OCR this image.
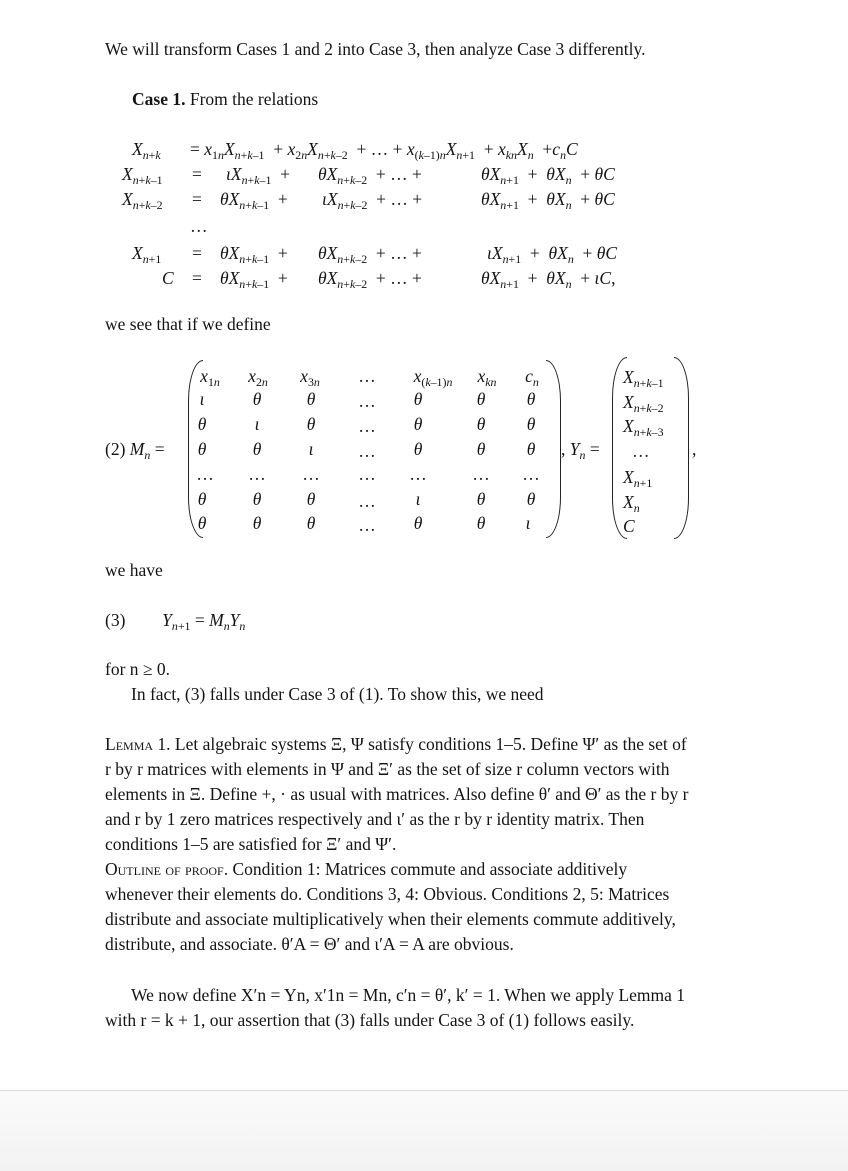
We will transform Cases 1 and 2 into Case 3, then analyze Case 3 differently.
Case 1. From the relations
$X_{n+k} = x_{1n}X_{n+k-1} + x_{2n}X_{n+k-2}$  + … + $x_{(k-1)n}X_{n+1} + x_{kn}X_n +c_nC$
$X_{n+k-1} = \iota X_{n+k-1} + \theta X_{n+k-2}$  + … +	$\theta X_{n+1} + \theta X_n + \theta C$
$X_{n+k-2} = \theta X_{n+k-1} + \iota X_{n+k-2}$  + … +	$\theta X_{n+1} + \theta X_n + \theta C$
…
$X_{n+1} = \theta X_{n+k-1} + \theta X_{n+k-2}$  + … +	$\iota X_{n+1} + \theta X_n + \theta C$
$C = \theta X_{n+k-1} + \theta X_{n+k-2}$  + … +	$\theta X_{n+1} + \theta X_n + \iota C$,
we see that if we define
(2) $M_n$ =
$x_{1n}$ $x_{2n}$ $x_{3n}$ … $x_{(k-1)n}$ $x_{kn}$ $c_n$
ι	θ	θ … θ	θ θ
θ	ι	θ … θ	θ θ
θ	θ	ι	… θ	θ θ
… … … … …	… …
θ	θ	θ … ι	θ θ
θ	θ	θ … θ	θ ι
, $Y_n$ =
$X_{n+k-1}$
$X_{n+k-2}$
$X_{n+k-3}$
…
$X_{n+1}$
$X_n$
C
,
we have
(3) $Y_{n+1} = M_nY_n$
for n ≥ 0.
In fact, (3) falls under Case 3 of (1). To show this, we need
Lemma 1. Let algebraic systems Ξ, Ψ satisfy conditions 1–5. Define Ψ′ as the set of
r by r matrices with elements in Ψ and Ξ′ as the set of size r column vectors with
elements in Ξ. Define +, · as usual with matrices. Also define θ′ and Θ′ as the r by r
and r by 1 zero matrices respectively and ι′ as the r by r identity matrix. Then
conditions 1–5 are satisfied for Ξ′ and Ψ′.
Outline of proof. Condition 1: Matrices commute and associate additively
whenever their elements do. Conditions 3, 4: Obvious. Conditions 2, 5: Matrices
distribute and associate multiplicatively when their elements commute additively,
distribute, and associate. θ′A = Θ′ and ι′A = A are obvious.
We now define X′n = Yn, x′1n = Mn, c′n = θ′, k′ = 1. When we apply Lemma 1
with r = k + 1, our assertion that (3) falls under Case 3 of (1) follows easily.
